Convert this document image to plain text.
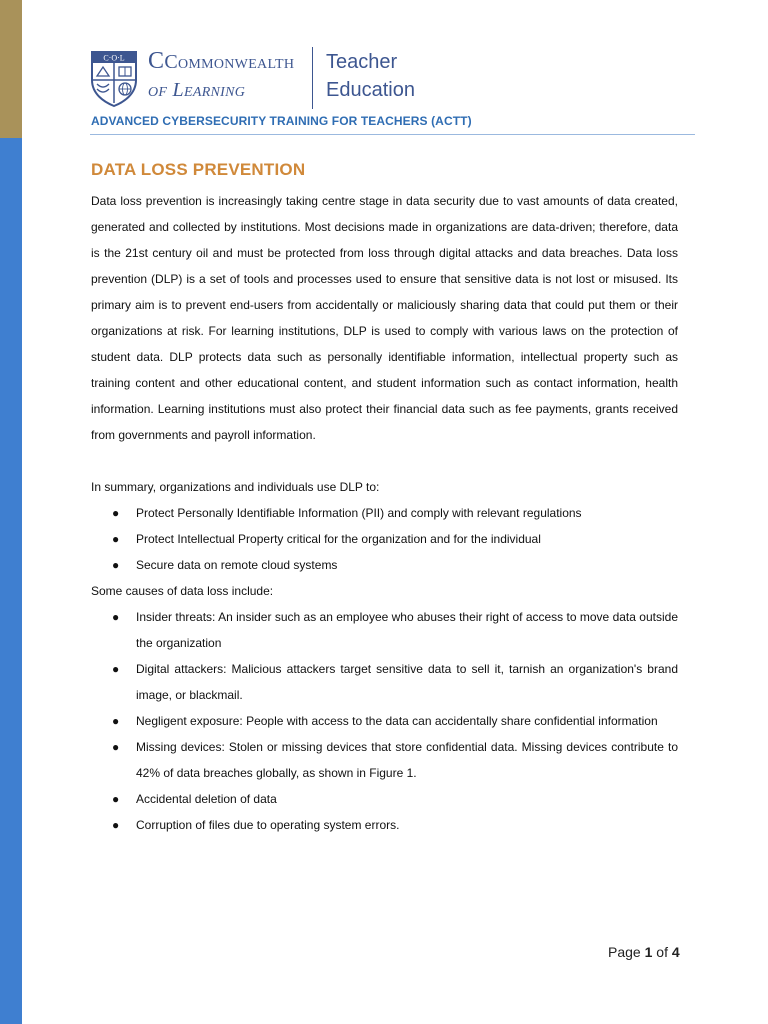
C·O·L CCommonwealth
of Learning
Teacher
Education
ADVANCED CYBERSECURITY TRAINING FOR TEACHERS (ACTT)
DATA LOSS PREVENTION

Data loss prevention is increasingly taking centre stage in data security due to vast amounts of data created, generated and collected by institutions. Most decisions made in organizations are data-driven; therefore, data is the 21st century oil and must be protected from loss through digital attacks and data breaches. Data loss prevention (DLP) is a set of tools and processes used to ensure that sensitive data is not lost or misused. Its primary aim is to prevent end-users from accidentally or maliciously sharing data that could put them or their organizations at risk. For learning institutions, DLP is used to comply with various laws on the protection of student data. DLP protects data such as personally identifiable information, intellectual property such as training content and other educational content, and student information such as contact information, health information. Learning institutions must also protect their financial data such as fee payments, grants received from governments and payroll information.

In summary, organizations and individuals use DLP to:

● Protect Personally Identifiable Information (PII) and comply with relevant regulations
● Protect Intellectual Property critical for the organization and for the individual
● Secure data on remote cloud systems

Some causes of data loss include:

● Insider threats: An insider such as an employee who abuses their right of access to move data outside the organization
● Digital attackers: Malicious attackers target sensitive data to sell it, tarnish an organization's brand image, or blackmail.
● Negligent exposure: People with access to the data can accidentally share confidential information
● Missing devices: Stolen or missing devices that store confidential data. Missing devices contribute to 42% of data breaches globally, as shown in Figure 1.
● Accidental deletion of data
● Corruption of files due to operating system errors.
Page 1 of 4
